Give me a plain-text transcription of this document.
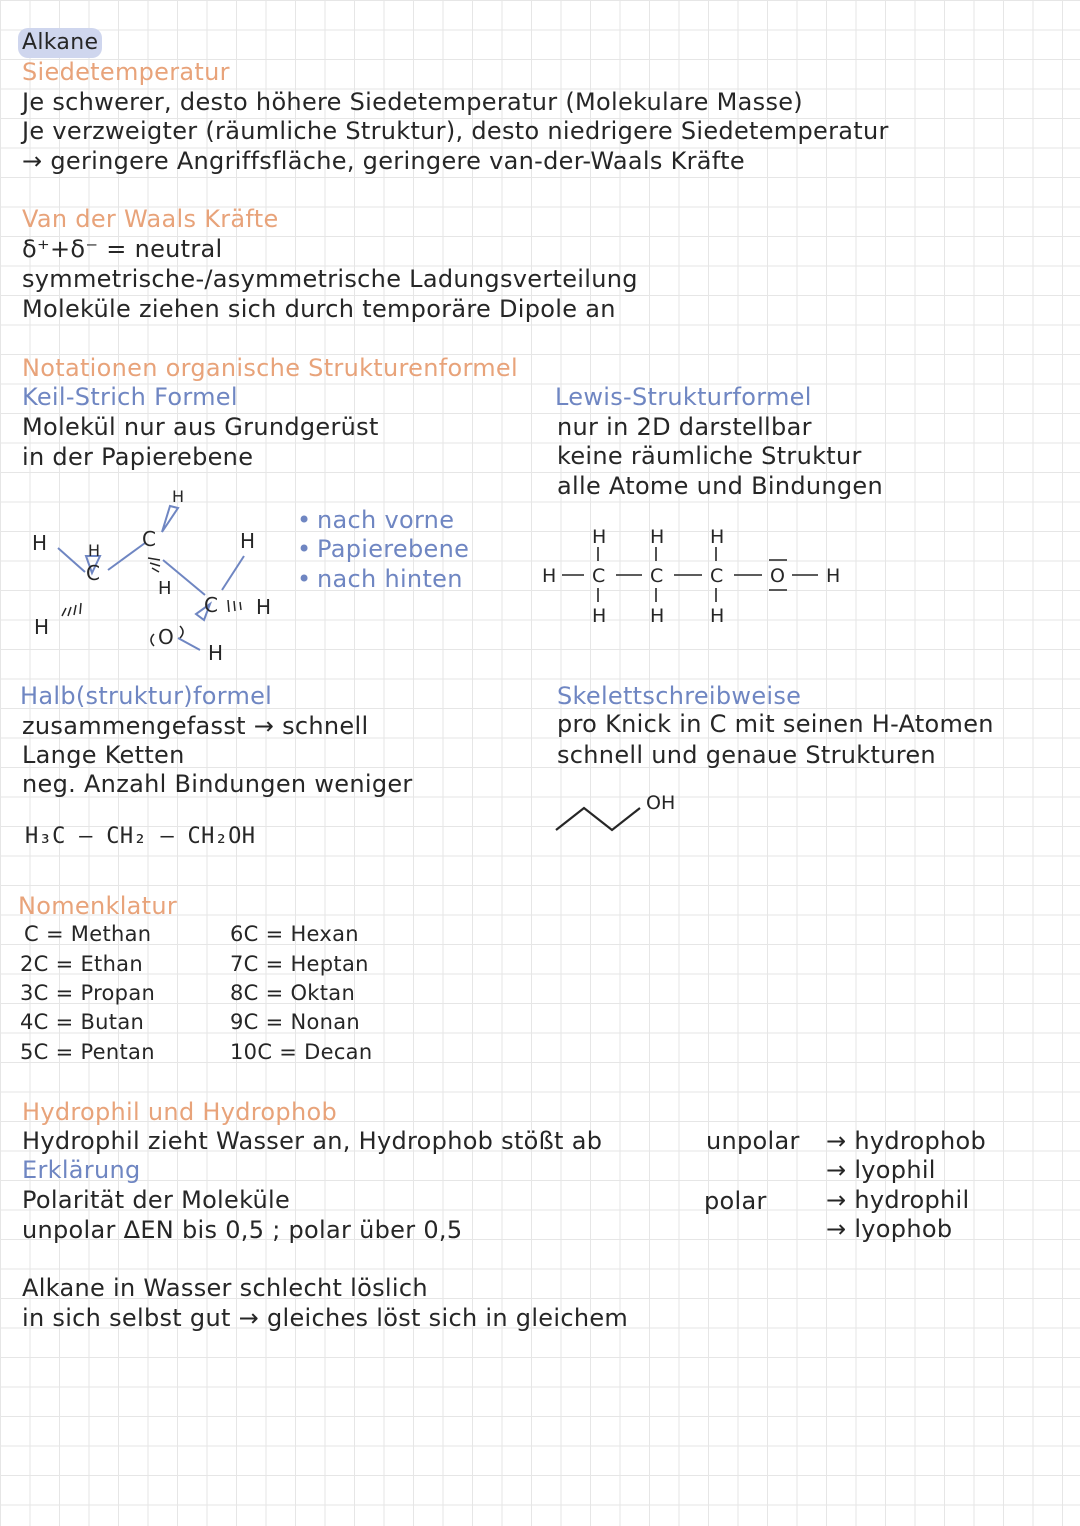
Alkane
Siedetemperatur
Je schwerer, desto höhere Siedetemperatur (Molekulare Masse)
Je verzweigter (räumliche Struktur), desto niedrigere Siedetemperatur
→ geringere Angriffsfläche, geringere van-der-Waals Kräfte
Van der Waals Kräfte
δ⁺+δ⁻ = neutral
symmetrische-/asymmetrische Ladungsverteilung
Moleküle ziehen sich durch temporäre Dipole an
Notationen organische Strukturenformel
Keil-Strich Formel
Molekül nur aus Grundgerüst
in der Papierebene
H	H
C
H
H
C
H
H
C H
O
H
• nach vorne
• Papierebene
• nach hinten
Lewis-Strukturformel
nur in 2D darstellbar
keine räumliche Struktur
alle Atome und Bindungen
H C C C O H
H H H
H H H
Halb(struktur)formel
zusammengefasst → schnell
Lange Ketten
neg. Anzahl Bindungen weniger
H₃C — CH₂ — CH₂OH
Skelettschreibweise
pro Knick in C mit seinen H-Atomen
schnell und genaue Strukturen
OH
Nomenklatur
C = Methan
2C = Ethan
3C = Propan
4C = Butan
5C = Pentan
6C = Hexan
7C = Heptan
8C = Oktan
9C = Nonan
10C = Decan
Hydrophil und Hydrophob
Hydrophil zieht Wasser an, Hydrophob stößt ab
Erklärung
Polarität der Moleküle
unpolar ΔEN bis 0,5 ; polar über 0,5
unpolar
polar
→ hydrophob
→ lyophil
→ hydrophil
→ lyophob
Alkane in Wasser schlecht löslich
in sich selbst gut → gleiches löst sich in gleichem
